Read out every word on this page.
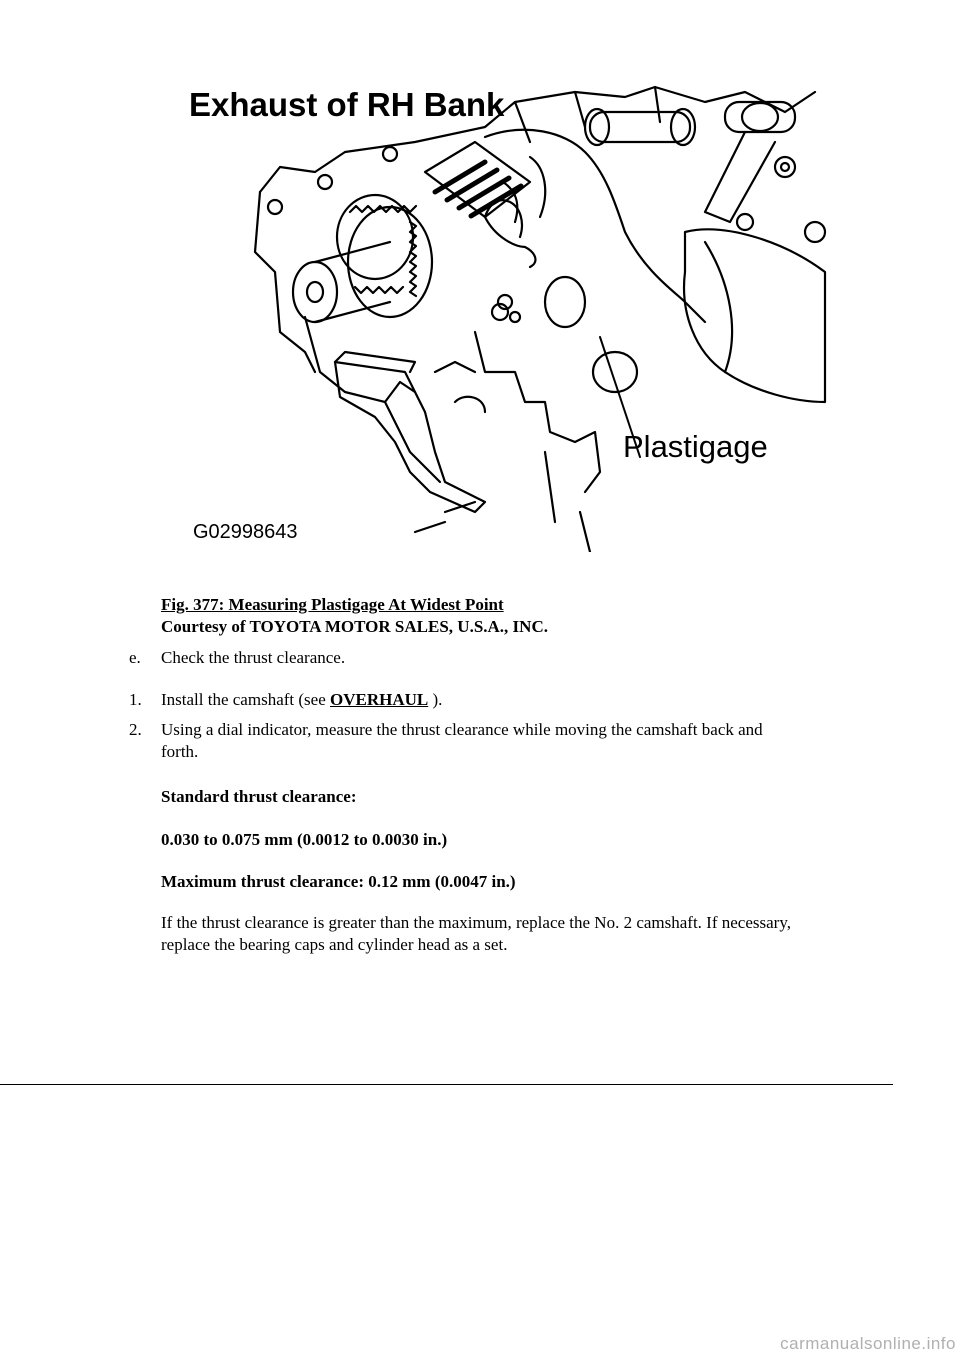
Exhaust of RH Bank
Plastigage
G02998643
Fig. 377: Measuring Plastigage At Widest Point
Courtesy of TOYOTA MOTOR SALES, U.S.A., INC.
e. Check the thrust clearance.
1. Install the camshaft (see OVERHAUL ).
2. Using a dial indicator, measure the thrust clearance while moving the camshaft back and
forth.
Standard thrust clearance:
0.030 to 0.075 mm (0.0012 to 0.0030 in.)
Maximum thrust clearance: 0.12 mm (0.0047 in.)
If the thrust clearance is greater than the maximum, replace the No. 2 camshaft. If necessary,
replace the bearing caps and cylinder head as a set.
carmanualsonline.info
